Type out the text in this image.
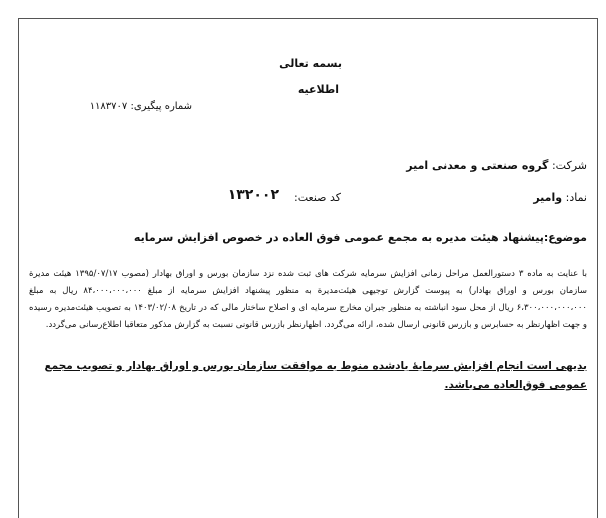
بسمه تعالی
اطلاعیه
شماره پیگیری: ۱۱۸۳۷۰۷
شرکت: گروه صنعتی و معدنی امیر
نماد: وامیر
کد صنعت:
۱۳۲۰۰۲
موضوع:پیشنهاد هیئت مدیره به مجمع عمومی فوق العاده در خصوص افزایش سرمایه

با عنایت به ماده ۳ دستورالعمل مراحل زمانی افزایش سرمایه شرکت های ثبت شده نزد سازمان بورس و اوراق بهادار (مصوب ۱۳۹۵/۰۷/۱۷ هیئت مدیرة سازمان بورس و اوراق بهادار) به پیوست گزارش توجیهی هیئت‌مدیرة به منظور پیشنهاد افزایش سرمایه از مبلغ ۸۴،۰۰۰،۰۰۰،۰۰۰ ریال به مبلغ ۶،۳۰۰،۰۰۰،۰۰۰،۰۰۰ ریال از محل سود انباشته به منظور جبران مخارج سرمایه ای و اصلاح ساختار مالی که در تاریخ ۱۴۰۳/۰۲/۰۸ به تصویب هیئت‌مدیره رسیده و جهت اظهارنظر به حسابرس و بازرس قانونی ارسال شده، ارائه می‌گردد. اظهارنظر بازرس قانونی نسبت به گزارش مذکور متعاقبا اطلاع‌رسانی می‌گردد.

بدیهی است انجام افزایش سرمایهٔ یادشده منوط به موافقت سازمان بورس و اوراق بهادار و تصویب مجمع عمومی فوق‌العاده می‌باشد.
